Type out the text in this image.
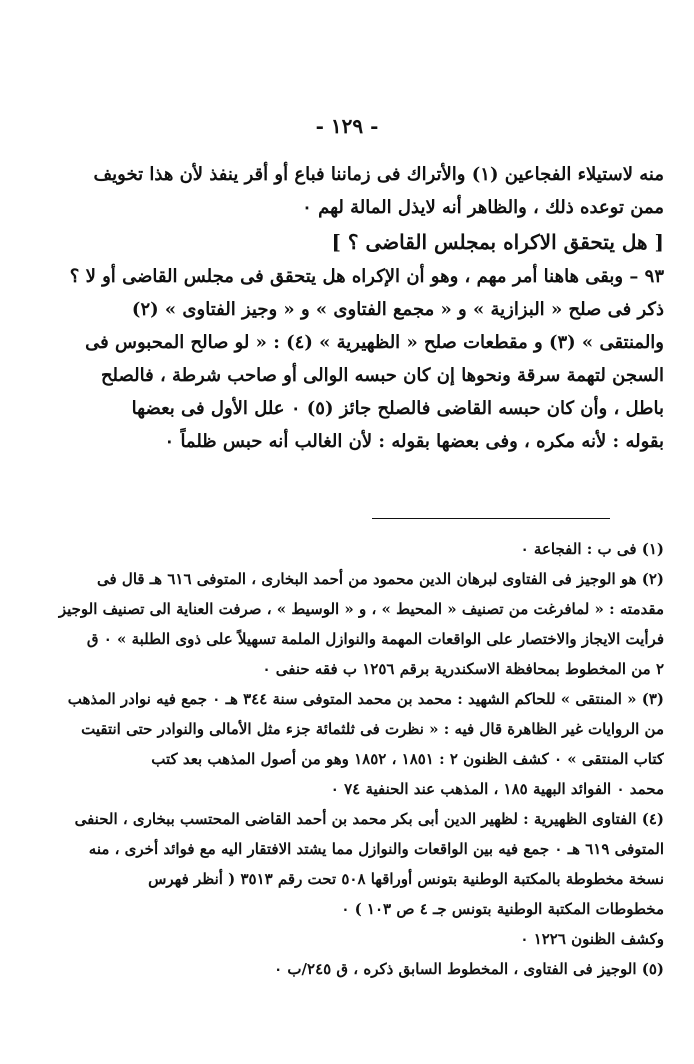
- ١٢٩ -
منه لاستيلاء الفجاعين (١) والأتراك فى زماننا فباع أو أقر ينفذ لأن هذا تخويف
ممن توعده ذلك ، والظاهر أنه لايذل المالة لهم ٠
[ هل يتحقق الاكراه بمجلس القاضى ؟ ]
٩٣ – وبقى هاهنا أمر مهم ، وهو أن الإكراه هل يتحقق فى مجلس القاضى أو لا ؟
ذكر فى صلح « البزازية » و « مجمع الفتاوى » و « وجيز الفتاوى » (٢)
والمنتقى » (٣) و مقطعات صلح « الظهيرية » (٤) : « لو صالح المحبوس فى
السجن لتهمة سرقة ونحوها إن كان حبسه الوالى أو صاحب شرطة ، فالصلح
باطل ، وأن كان حبسه القاضى فالصلح جائز (٥) ٠ علل الأول فى بعضها
بقوله : لأنه مكره ، وفى بعضها بقوله : لأن الغالب أنه حبس ظلماً ٠
(١) فى ب : الفجاعة ٠
(٢) هو الوجيز فى الفتاوى لبرهان الدين محمود من أحمد البخارى ، المتوفى ٦١٦ هـ قال فى
مقدمته : « لمافرغت من تصنيف « المحيط » ، و « الوسيط » ، صرفت العناية الى تصنيف الوجيز
فرأيت الايجاز والاختصار على الواقعات المهمة والنوازل الملمة تسهيلاً على ذوى الطلبة » ٠ ق
٢ من المخطوط بمحافظة الاسكندرية برقم ١٢٥٦ ب فقه حنفى ٠
(٣) « المنتقى » للحاكم الشهيد : محمد بن محمد المتوفى سنة ٣٤٤ هـ ٠ جمع فيه نوادر المذهب
من الروايات غير الظاهرة قال فيه : « نظرت فى ثلثمائة جزء مثل الأمالى والنوادر حتى انتقيت
كتاب المنتقى » ٠ كشف الظنون ٢ : ١٨٥١ ، ١٨٥٢ وهو من أصول المذهب بعد كتب
محمد ٠ الفوائد البهية ١٨٥ ، المذهب عند الحنفية ٧٤ ٠
(٤) الفتاوى الظهيرية : لظهير الدين أبى بكر محمد بن أحمد القاضى المحتسب ببخارى ، الحنفى
المتوفى ٦١٩ هـ ٠ جمع فيه بين الواقعات والنوازل مما يشتد الافتقار اليه مع فوائد أخرى ، منه
نسخة مخطوطة بالمكتبة الوطنية بتونس أوراقها ٥٠٨ تحت رقم ٣٥١٣ ( أنظر فهرس
مخطوطات المكتبة الوطنية بتونس جـ ٤ ص ١٠٣ ) ٠
وكشف الظنون ١٢٢٦ ٠
(٥) الوجيز فى الفتاوى ، المخطوط السابق ذكره ، ق ٢٤٥/ب ٠
